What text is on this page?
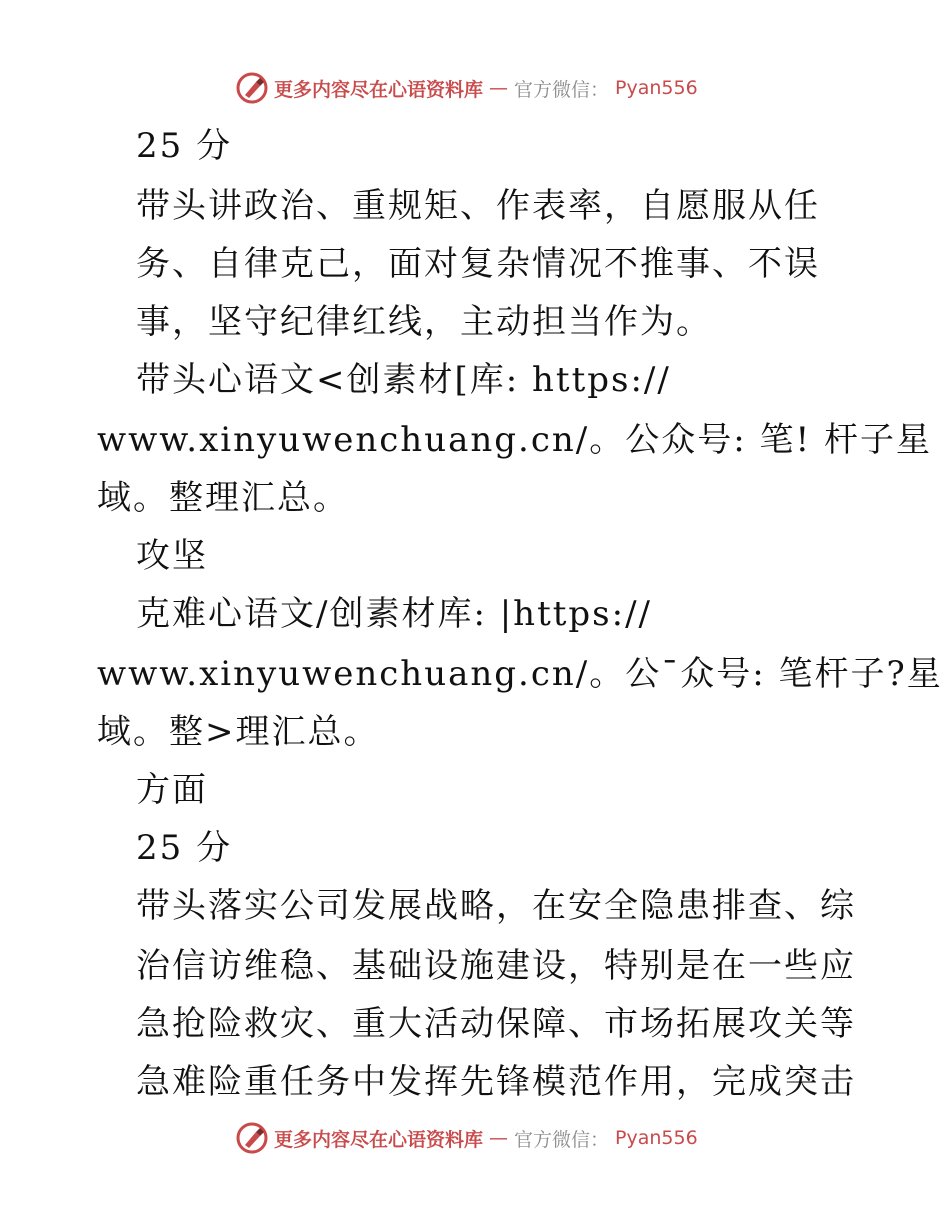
更多内容尽在心语资料库 — 官方微信： Pyan556
25 分
带头讲政治、重规矩、作表率，自愿服从任
务、自律克己，面对复杂情况不推事、不误
事，坚守纪律红线，主动担当作为。
带头心语文<创素材[库: https://
www.xinyuwenchuang.cn/。公众号: 笔! 杆子星
域。整理汇总。
攻坚
克难心语文/创素材库: |https://
www.xinyuwenchuang.cn/。公¯众号: 笔杆子?星
域。整>理汇总。
方面
25 分
带头落实公司发展战略，在安全隐患排查、综
治信访维稳、基础设施建设，特别是在一些应
急抢险救灾、重大活动保障、市场拓展攻关等
急难险重任务中发挥先锋模范作用，完成突击
更多内容尽在心语资料库 — 官方微信： Pyan556
